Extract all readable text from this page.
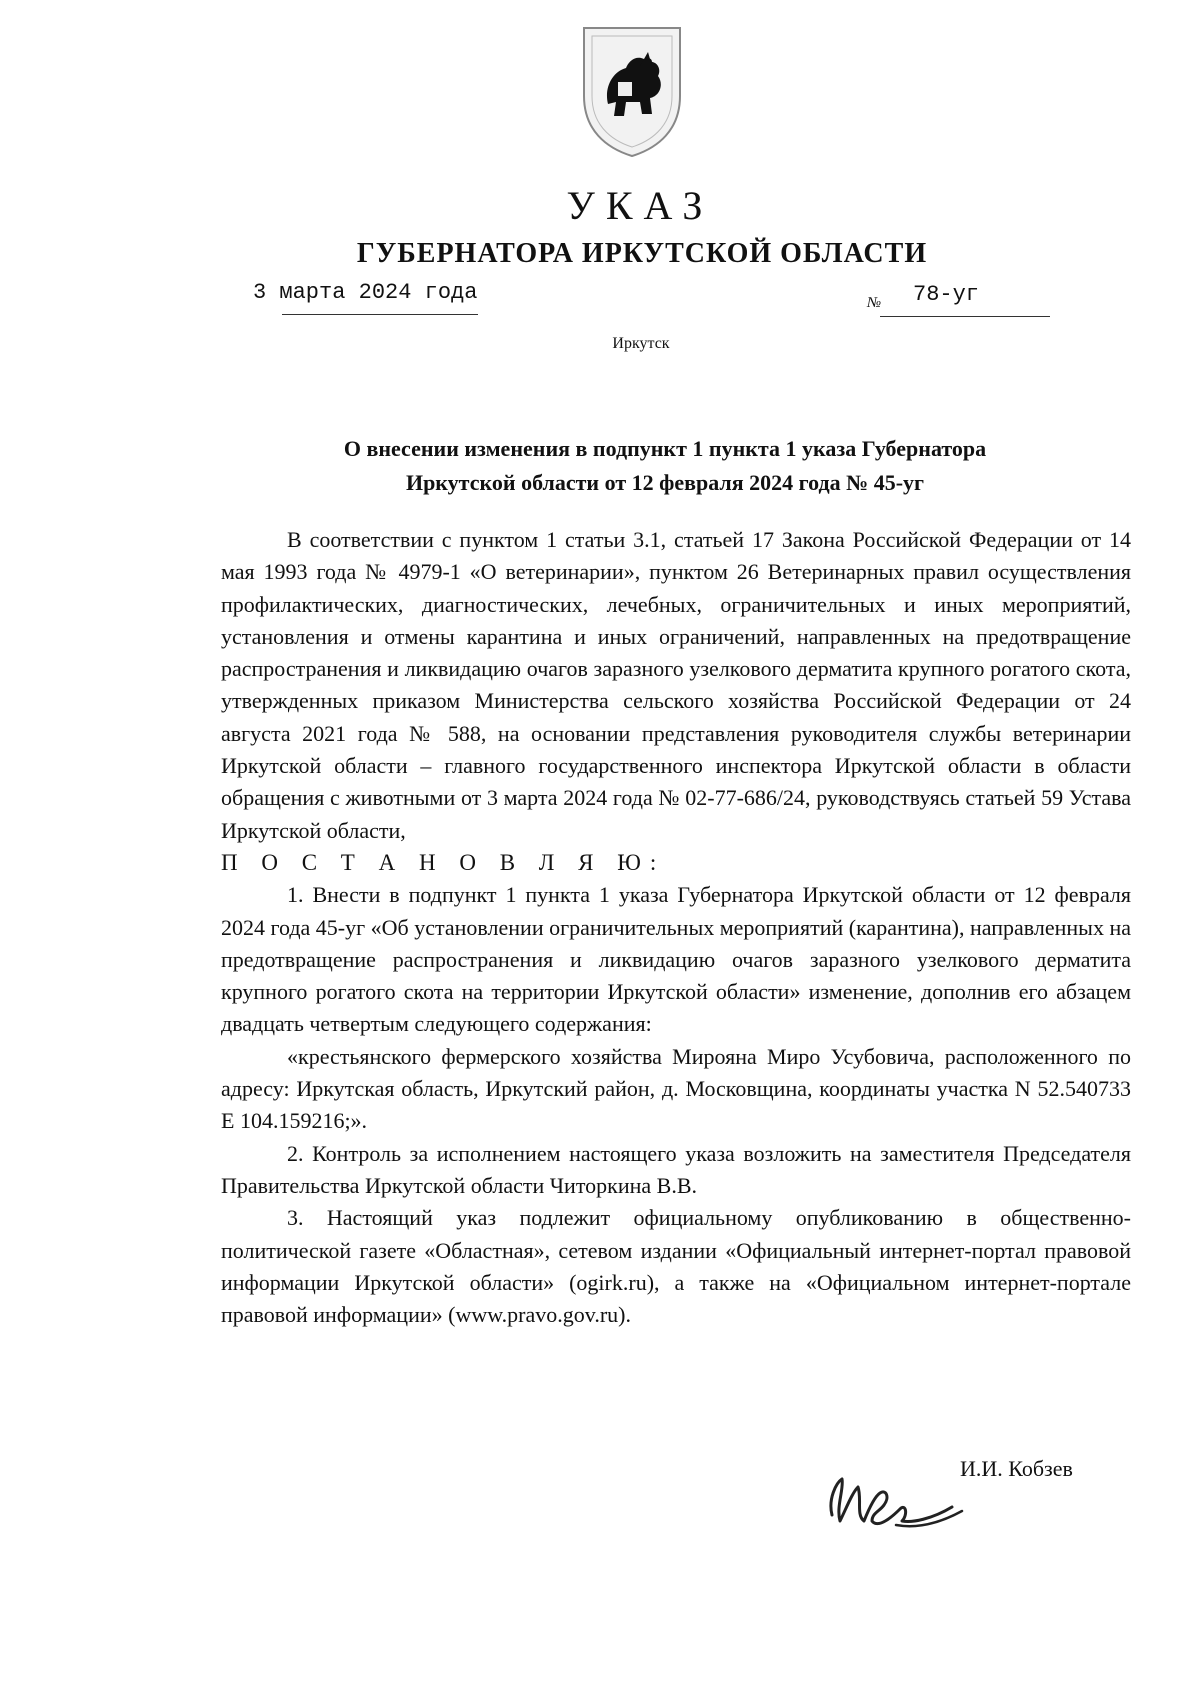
УКАЗ
ГУБЕРНАТОРА ИРКУТСКОЙ ОБЛАСТИ
3 марта 2024 года	№ 78-уг
Иркутск
О внесении изменения в подпункт 1 пункта 1 указа Губернатора
Иркутской области от 12 февраля 2024 года № 45-уг

В соответствии с пунктом 1 статьи 3.1, статьей 17 Закона Российской Федерации от 14 мая 1993 года № 4979-1 «О ветеринарии», пунктом 26 Ветеринарных правил осуществления профилактических, диагностических, лечебных, ограничительных и иных мероприятий, установления и отмены карантина и иных ограничений, направленных на предотвращение распространения и ликвидацию очагов заразного узелкового дерматита крупного рогатого скота, утвержденных приказом Министерства сельского хозяйства Российской Федерации от 24 августа 2021 года № 588, на основании представления руководителя службы ветеринарии Иркутской области – главного государственного инспектора Иркутской области в области обращения с животными от 3 марта 2024 года № 02-77-686/24, руководствуясь статьей 59 Устава Иркутской области,

П О С Т А Н О В Л Я Ю:

1. Внести в подпункт 1 пункта 1 указа Губернатора Иркутской области от 12 февраля 2024 года 45-уг «Об установлении ограничительных мероприятий (карантина), направленных на предотвращение распространения и ликвидацию очагов заразного узелкового дерматита крупного рогатого скота на территории Иркутской области» изменение, дополнив его абзацем двадцать четвертым следующего содержания:

«крестьянского фермерского хозяйства Мирояна Миро Усубовича, расположенного по адресу: Иркутская область, Иркутский район, д. Московщина, координаты участка N 52.540733 E 104.159216;».

2. Контроль за исполнением настоящего указа возложить на заместителя Председателя Правительства Иркутской области Читоркина В.В.

3. Настоящий указ подлежит официальному опубликованию в общественно-политической газете «Областная», сетевом издании «Официальный интернет-портал правовой информации Иркутской области» (ogirk.ru), а также на «Официальном интернет-портале правовой информации» (www.pravo.gov.ru).

И.И. Кобзев
